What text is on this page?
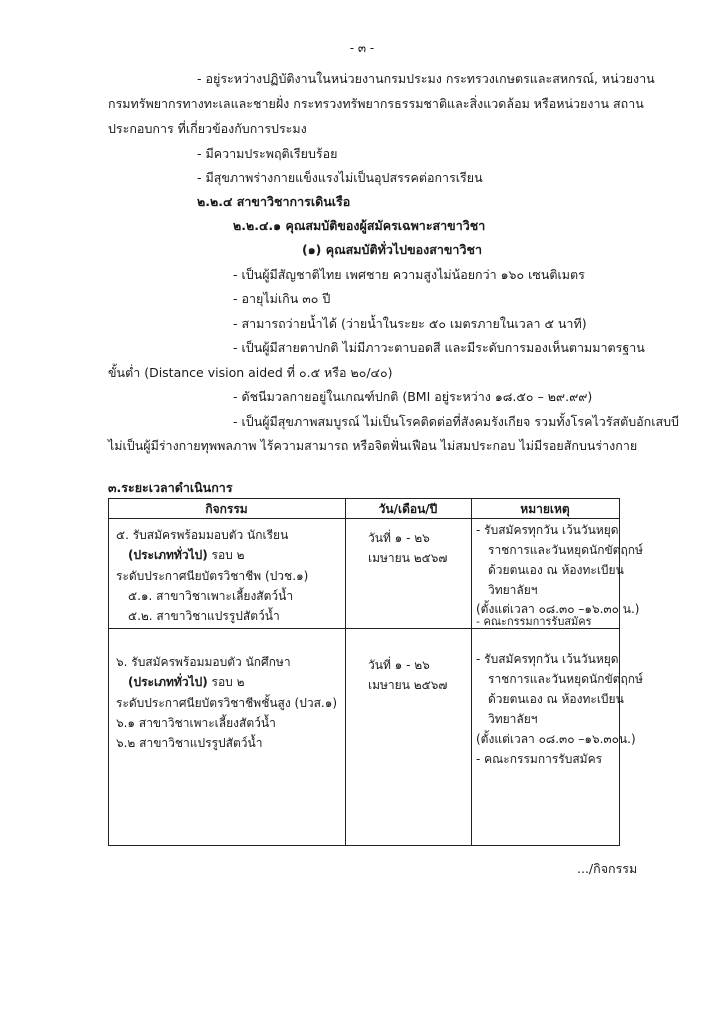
- ๓ -
- อยู่ระหว่างปฏิบัติงานในหน่วยงานกรมประมง กระทรวงเกษตรและสหกรณ์, หน่วยงาน
กรมทรัพยากรทางทะเลและชายฝั่ง กระทรวงทรัพยากรธรรมชาติและสิ่งแวดล้อม หรือหน่วยงาน สถาน
ประกอบการ ที่เกี่ยวข้องกับการประมง
- มีความประพฤติเรียบร้อย
- มีสุขภาพร่างกายแข็งแรงไม่เป็นอุปสรรคต่อการเรียน
๒.๒.๔ สาขาวิชาการเดินเรือ
๒.๒.๔.๑ คุณสมบัติของผู้สมัครเฉพาะสาขาวิชา
(๑) คุณสมบัติทั่วไปของสาขาวิชา
- เป็นผู้มีสัญชาติไทย เพศชาย ความสูงไม่น้อยกว่า ๑๖๐ เซนติเมตร
- อายุไม่เกิน ๓๐ ปี
- สามารถว่ายน้ำได้ (ว่ายน้ำในระยะ ๕๐ เมตรภายในเวลา ๕ นาที)
- เป็นผู้มีสายตาปกติ ไม่มีภาวะตาบอดสี และมีระดับการมองเห็นตามมาตรฐาน
ขั้นต่ำ (Distance vision aided ที่ ๐.๕ หรือ ๒๐/๔๐)
- ดัชนีมวลกายอยู่ในเกณฑ์ปกติ (BMI อยู่ระหว่าง ๑๘.๕๐ – ๒๙.๙๙)
- เป็นผู้มีสุขภาพสมบูรณ์ ไม่เป็นโรคติดต่อที่สังคมรังเกียจ รวมทั้งโรคไวรัสตับอักเสบบี
ไม่เป็นผู้มีร่างกายทุพพลภาพ ไร้ความสามารถ หรือจิตฟั่นเฟือน ไม่สมประกอบ ไม่มีรอยสักบนร่างกาย
๓.ระยะเวลาดำเนินการ
กิจกรรม	วัน/เดือน/ปี	หมายเหตุ
๕. รับสมัครพร้อมมอบตัว นักเรียน
(ประเภททั่วไป) รอบ ๒
ระดับประกาศนียบัตรวิชาชีพ (ปวช.๑)
๕.๑. สาขาวิชาเพาะเลี้ยงสัตว์น้ำ
๕.๒. สาขาวิชาแปรรูปสัตว์น้ำ
วันที่ ๑ - ๒๖
เมษายน ๒๕๖๗
- รับสมัครทุกวัน เว้นวันหยุด
ราชการและวันหยุดนักขัตฤกษ์
ด้วยตนเอง ณ ห้องทะเบียน
วิทยาลัยฯ
(ตั้งแต่เวลา ๐๘.๓๐ –๑๖.๓๐ น.)
- คณะกรรมการรับสมัคร
๖. รับสมัครพร้อมมอบตัว นักศึกษา
(ประเภททั่วไป) รอบ ๒
ระดับประกาศนียบัตรวิชาชีพชั้นสูง (ปวส.๑)
๖.๑ สาขาวิชาเพาะเลี้ยงสัตว์น้ำ
๖.๒ สาขาวิชาแปรรูปสัตว์น้ำ
วันที่ ๑ - ๒๖
เมษายน ๒๕๖๗
- รับสมัครทุกวัน เว้นวันหยุด
ราชการและวันหยุดนักขัตฤกษ์
ด้วยตนเอง ณ ห้องทะเบียน
วิทยาลัยฯ
(ตั้งแต่เวลา ๐๘.๓๐ –๑๖.๓๐น.)
- คณะกรรมการรับสมัคร
.../กิจกรรม
